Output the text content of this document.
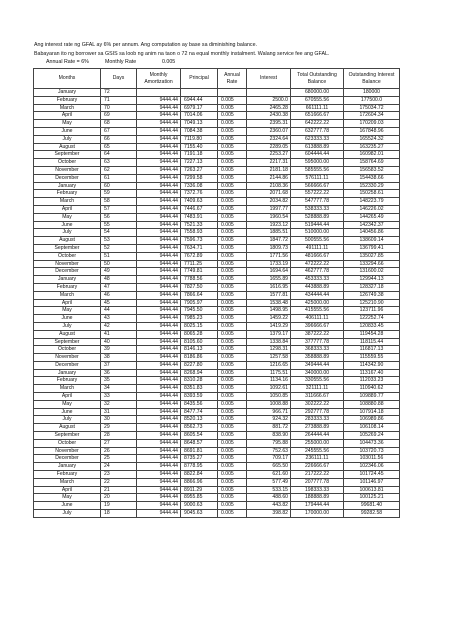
Ang interest rate ng GFAL ay 6% per annum. Ang computation ay base sa diminishing balance.
Babayaran ito ng borrower sa GSIS sa loob ng anim na taon o 72 na equal monthly instalment. Walang service fee ang GFAL.
Annual Rate = 6%	Monthly Rate	0.005
Months	Days	Monthly Amortization	Principal	Annual Rate	Interest	Total Outstanding Balance	Outstanding Interest Balance
January	72					680000.00	180000
February	71	9444.44	6944.44	0.005	2500.0	670555.56	177500.0
March	70	9444.44	6979.17	0.005	2465.28	661111.11	175034.72
April	69	9444.44	7014.06	0.005	2430.38	651666.67	172604.34
May	68	9444.44	7049.13	0.005	2395.31	642222.22	170209.03
June	67	9444.44	7084.38	0.005	2360.07	632777.78	167848.96
July	66	9444.44	7119.80	0.005	2324.64	623333.33	165524.32
August	65	9444.44	7155.40	0.005	2289.05	613888.89	163235.27
September	64	9444.44	7191.18	0.005	2253.27	604444.44	160982.01
October	63	9444.44	7227.13	0.005	2217.31	595000.00	158764.69
November	62	9444.44	7263.27	0.005	2181.18	585555.56	156583.52
December	61	9444.44	7299.58	0.005	2144.86	576111.11	154438.66
January	60	9444.44	7336.08	0.005	2108.36	566666.67	152330.29
February	59	9444.44	7372.76	0.005	2071.68	557222.22	150258.61
March	58	9444.44	7409.63	0.005	2034.82	547777.78	148223.79
April	57	9444.44	7446.67	0.005	1997.77	538333.33	146226.02
May	56	9444.44	7483.91	0.005	1960.54	528888.89	144265.49
June	55	9444.44	7521.33	0.005	1923.12	519444.44	142342.37
July	54	9444.44	7558.93	0.005	1885.51	510000.00	140456.86
August	53	9444.44	7596.73	0.005	1847.72	500555.56	138609.14
September	52	9444.44	7634.71	0.005	1809.73	491111.11	136799.41
October	51	9444.44	7672.89	0.005	1771.56	481666.67	135027.85
November	50	9444.44	7711.25	0.005	1733.19	472222.22	133294.66
December	49	9444.44	7749.81	0.005	1694.64	462777.78	131600.02
January	48	9444.44	7788.56	0.005	1655.89	453333.33	129944.13
February	47	9444.44	7827.50	0.005	1616.95	443888.89	128327.18
March	46	9444.44	7866.64	0.005	1577.81	434444.44	126749.38
April	45	9444.44	7905.97	0.005	1538.48	425000.00	125210.90
May	44	9444.44	7945.50	0.005	1498.95	415555.56	123711.96
June	43	9444.44	7985.23	0.005	1459.22	406111.11	122252.74
July	42	9444.44	8025.15	0.005	1419.29	396666.67	120833.45
August	41	9444.44	8065.28	0.005	1379.17	387222.22	119454.28
September	40	9444.44	8105.60	0.005	1338.84	377777.78	118115.44
October	39	9444.44	8146.13	0.005	1298.31	368333.33	116817.13
November	38	9444.44	8186.86	0.005	1257.58	358888.89	115559.55
December	37	9444.44	8227.80	0.005	1216.65	349444.44	114342.90
January	36	9444.44	8268.94	0.005	1175.51	340000.00	113167.40
February	35	9444.44	8310.28	0.005	1134.16	330555.56	112033.23
March	34	9444.44	8351.83	0.005	1092.61	321111.11	110940.62
April	33	9444.44	8393.59	0.005	1050.85	311666.67	109889.77
May	32	9444.44	8435.56	0.005	1008.88	302222.22	108880.88
June	31	9444.44	8477.74	0.005	966.71	292777.78	107914.18
July	30	9444.44	8520.13	0.005	924.32	283333.33	106989.86
August	29	9444.44	8562.73	0.005	881.72	273888.89	106108.14
September	28	9444.44	8605.54	0.005	838.90	264444.44	105269.24
October	27	9444.44	8648.57	0.005	795.88	255000.00	104473.36
November	26	9444.44	8691.81	0.005	752.63	245555.56	103720.73
December	25	9444.44	8735.27	0.005	709.17	236111.11	103011.56
January	24	9444.44	8778.95	0.005	665.50	226666.67	102346.06
February	23	9444.44	8822.84	0.005	621.60	217222.22	101724.45
March	22	9444.44	8866.96	0.005	577.49	207777.78	101146.97
April	21	9444.44	8911.29	0.005	533.15	198333.33	100613.81
May	20	9444.44	8955.85	0.005	488.60	188888.89	100125.21
June	19	9444.44	9000.63	0.005	443.82	179444.44	99681.40
July	18	9444.44	9045.63	0.005	398.82	170000.00	99282.58
